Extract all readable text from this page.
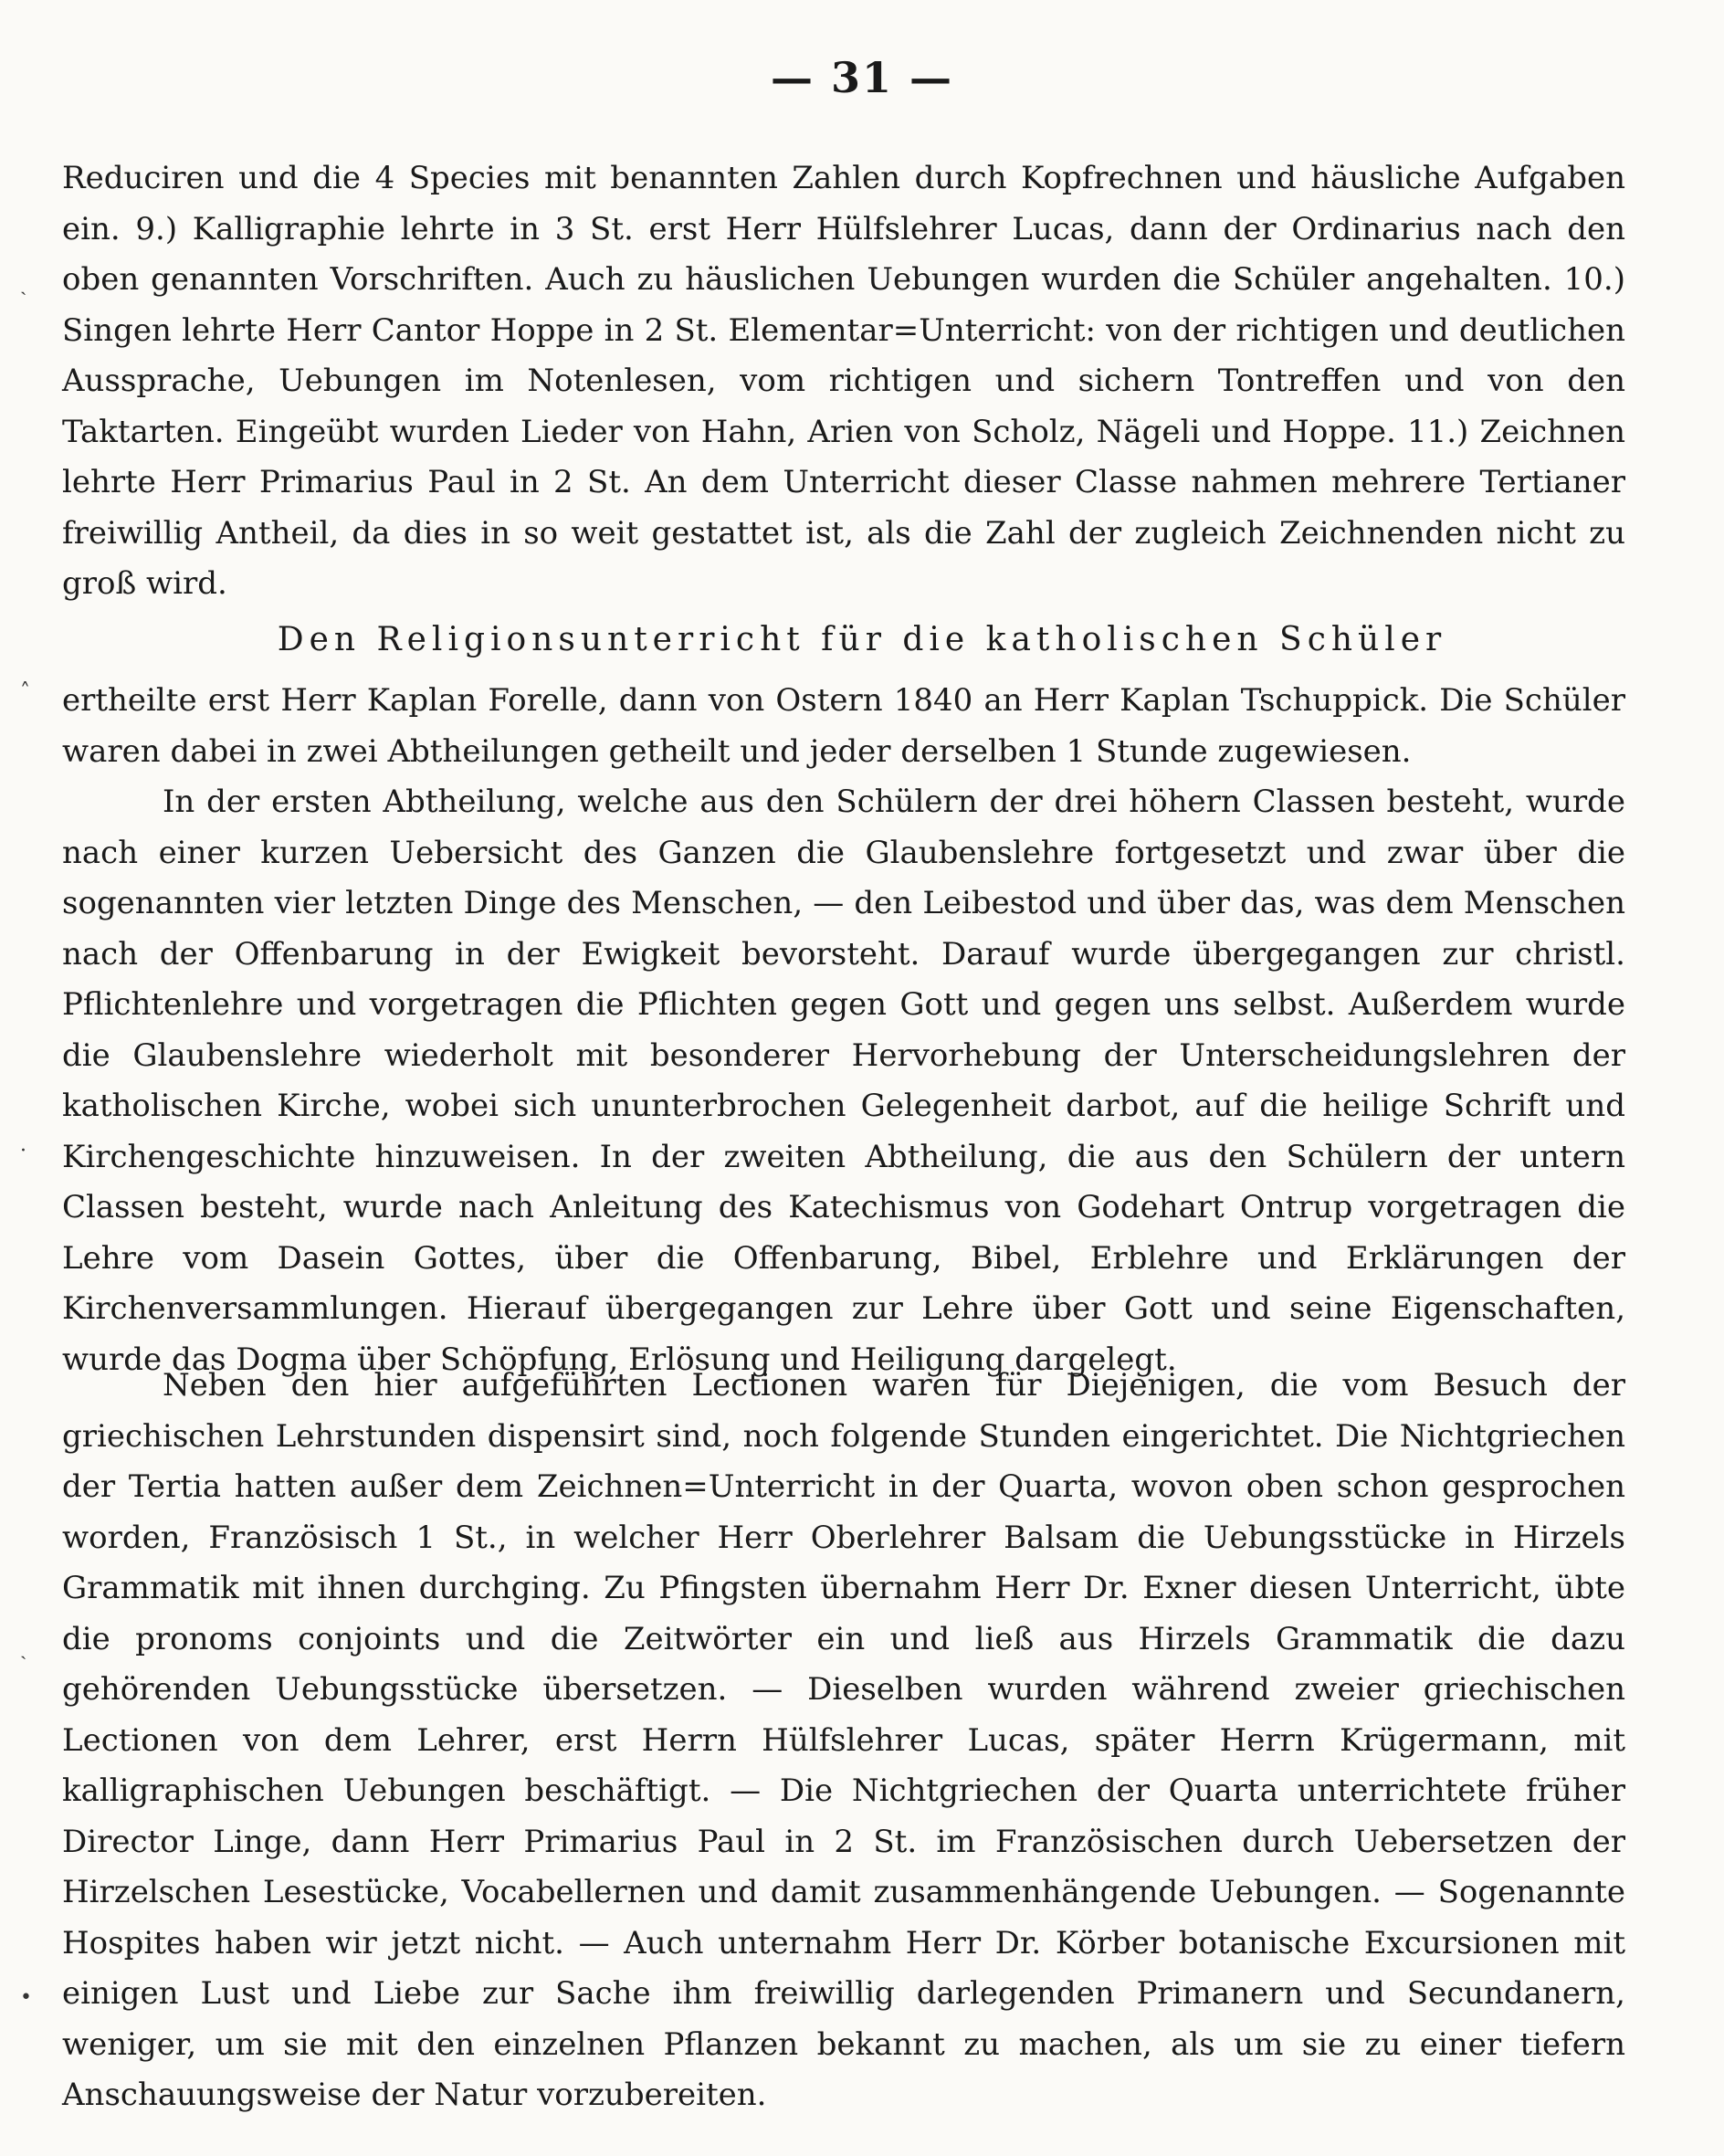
— 31 —

Reduciren und die 4 Species mit benannten Zahlen durch Kopfrechnen und häusliche Aufgaben ein. 9.) Kalligraphie lehrte in 3 St. erst Herr Hülfslehrer Lucas, dann der Ordinarius nach den oben genannten Vorschriften. Auch zu häuslichen Uebungen wurden die Schüler angehalten. 10.) Singen lehrte Herr Cantor Hoppe in 2 St. Elementar=Unterricht: von der richtigen und deutlichen Aussprache, Uebungen im Notenlesen, vom richtigen und sichern Tontreffen und von den Taktarten. Eingeübt wurden Lieder von Hahn, Arien von Scholz, Nägeli und Hoppe. 11.) Zeichnen lehrte Herr Primarius Paul in 2 St. An dem Unterricht dieser Classe nahmen mehrere Tertianer freiwillig Antheil, da dies in so weit gestattet ist, als die Zahl der zugleich Zeichnenden nicht zu groß wird.

Den Religionsunterricht für die katholischen Schüler

ertheilte erst Herr Kaplan Forelle, dann von Ostern 1840 an Herr Kaplan Tschuppick. Die Schüler waren dabei in zwei Abtheilungen getheilt und jeder derselben 1 Stunde zugewiesen.

In der ersten Abtheilung, welche aus den Schülern der drei höhern Classen besteht, wurde nach einer kurzen Uebersicht des Ganzen die Glaubenslehre fortgesetzt und zwar über die sogenannten vier letzten Dinge des Menschen, — den Leibestod und über das, was dem Menschen nach der Offenbarung in der Ewigkeit bevorsteht. Darauf wurde übergegangen zur christl. Pflichtenlehre und vorgetragen die Pflichten gegen Gott und gegen uns selbst. Außerdem wurde die Glaubenslehre wiederholt mit besonderer Hervorhebung der Unterscheidungslehren der katholischen Kirche, wobei sich ununterbrochen Gelegenheit darbot, auf die heilige Schrift und Kirchengeschichte hinzuweisen. In der zweiten Abtheilung, die aus den Schülern der untern Classen besteht, wurde nach Anleitung des Katechismus von Godehart Ontrup vorgetragen die Lehre vom Dasein Gottes, über die Offenbarung, Bibel, Erblehre und Erklärungen der Kirchenversammlungen. Hierauf übergegangen zur Lehre über Gott und seine Eigenschaften, wurde das Dogma über Schöpfung, Erlösung und Heiligung dargelegt.

Neben den hier aufgeführten Lectionen waren für Diejenigen, die vom Besuch der griechischen Lehrstunden dispensirt sind, noch folgende Stunden eingerichtet. Die Nichtgriechen der Tertia hatten außer dem Zeichnen=Unterricht in der Quarta, wovon oben schon gesprochen worden, Französisch 1 St., in welcher Herr Oberlehrer Balsam die Uebungsstücke in Hirzels Grammatik mit ihnen durchging. Zu Pfingsten übernahm Herr Dr. Exner diesen Unterricht, übte die pronoms conjoints und die Zeitwörter ein und ließ aus Hirzels Grammatik die dazu gehörenden Uebungsstücke übersetzen. — Dieselben wurden während zweier griechischen Lectionen von dem Lehrer, erst Herrn Hülfslehrer Lucas, später Herrn Krügermann, mit kalligraphischen Uebungen beschäftigt. — Die Nichtgriechen der Quarta unterrichtete früher Director Linge, dann Herr Primarius Paul in 2 St. im Französischen durch Uebersetzen der Hirzelschen Lesestücke, Vocabellernen und damit zusammenhängende Uebungen. — Sogenannte Hospites haben wir jetzt nicht. — Auch unternahm Herr Dr. Körber botanische Excursionen mit einigen Lust und Liebe zur Sache ihm freiwillig darlegenden Primanern und Secundanern, weniger, um sie mit den einzelnen Pflanzen bekannt zu machen, als um sie zu einer tiefern Anschauungsweise der Natur vorzubereiten.

ˏ
˄
·
ˏ
•
